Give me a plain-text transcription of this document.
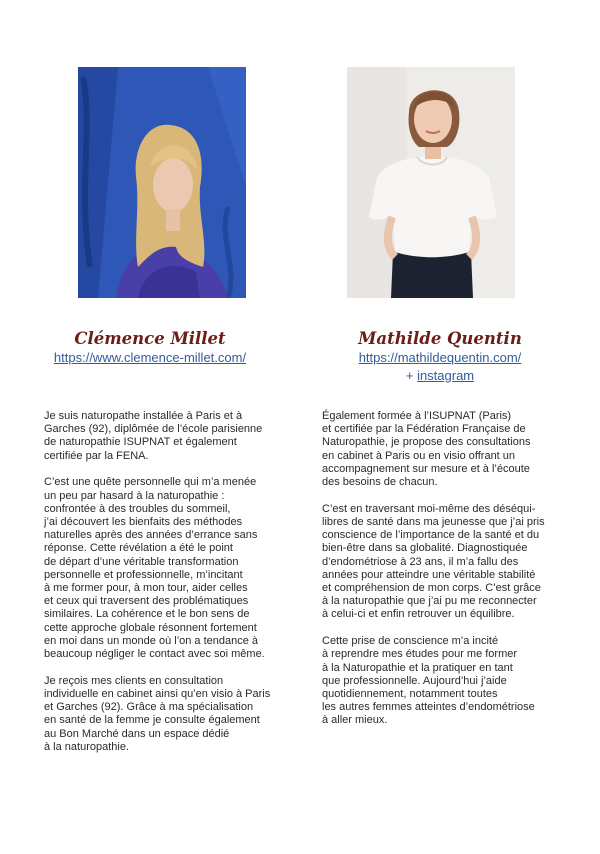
Clémence Millet
https://www.clemence-millet.com/

Je suis naturopathe installée à Paris et à
Garches (92), diplômée de l’école parisienne
de naturopathie ISUPNAT et également
certifiée par la FENA.

C’est une quête personnelle qui m’a menée
un peu par hasard à la naturopathie :
confrontée à des troubles du sommeil,
j’ai découvert les bienfaits des méthodes
naturelles après des années d’errance sans
réponse. Cette révélation a été le point
de départ d’une véritable transformation
personnelle et professionnelle, m’incitant
à me former pour, à mon tour, aider celles
et ceux qui traversent des problématiques
similaires. La cohérence et le bon sens de
cette approche globale résonnent fortement
en moi dans un monde où l’on a tendance à
beaucoup négliger le contact avec soi même.

Je reçois mes clients en consultation
individuelle en cabinet ainsi qu’en visio à Paris
et Garches (92). Grâce à ma spécialisation
en santé de la femme je consulte également
au Bon Marché dans un espace dédié
à la naturopathie.

Mathilde Quentin
https://mathildequentin.com/

+ instagram

Également formée à l’ISUPNAT (Paris)
et certifiée par la Fédération Française de
Naturopathie, je propose des consultations
en cabinet à Paris ou en visio offrant un
accompagnement sur mesure et à l’écoute
des besoins de chacun.

C’est en traversant moi-même des déséqui-
libres de santé dans ma jeunesse que j’ai pris
conscience de l’importance de la santé et du
bien-être dans sa globalité. Diagnostiquée
d’endométriose à 23 ans, il m’a fallu des
années pour atteindre une véritable stabilité
et compréhension de mon corps. C’est grâce
à la naturopathie que j’ai pu me reconnecter
à celui-ci et enfin retrouver un équilibre.

Cette prise de conscience m’a incité
à reprendre mes études pour me former
à la Naturopathie et la pratiquer en tant
que professionnelle. Aujourd’hui j’aide
quotidiennement, notamment toutes
les autres femmes atteintes d’endométriose
à aller mieux.
